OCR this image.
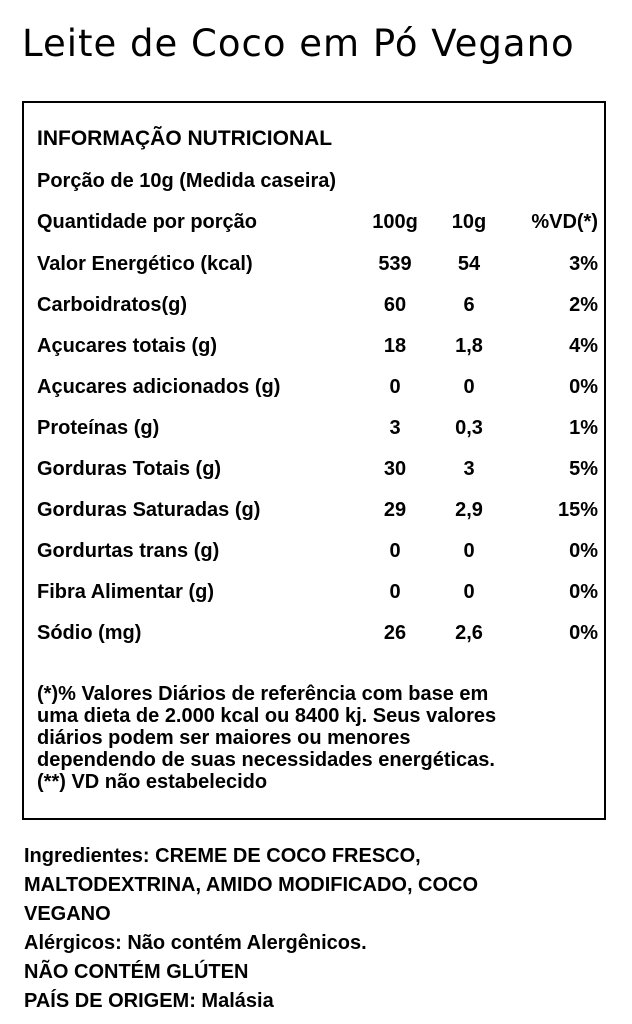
Leite de Coco em Pó Vegano
INFORMAÇÃO NUTRICIONAL
Porção de 10g (Medida caseira)
Quantidade por porção	100g	10g	%VD(*)
Valor Energético (kcal)	539	54	3%
Carboidratos(g)	60	6	2%
Açucares totais (g)	18	1,8	4%
Açucares adicionados (g)	0	0	0%
Proteínas (g)	3	0,3	1%
Gorduras Totais (g)	30	3	5%
Gorduras Saturadas (g)	29	2,9	15%
Gordurtas trans (g)	0	0	0%
Fibra Alimentar (g)	0	0	0%
Sódio (mg)	26	2,6	0%
(*)% Valores Diários de referência com base em
uma dieta de 2.000 kcal ou 8400 kj. Seus valores
diários podem ser maiores ou menores
dependendo de suas necessidades energéticas.
(**) VD não estabelecido
Ingredientes: CREME DE COCO FRESCO,
MALTODEXTRINA, AMIDO MODIFICADO, COCO
VEGANO
Alérgicos: Não contém Alergênicos.
NÃO CONTÉM GLÚTEN
PAÍS DE ORIGEM: Malásia
